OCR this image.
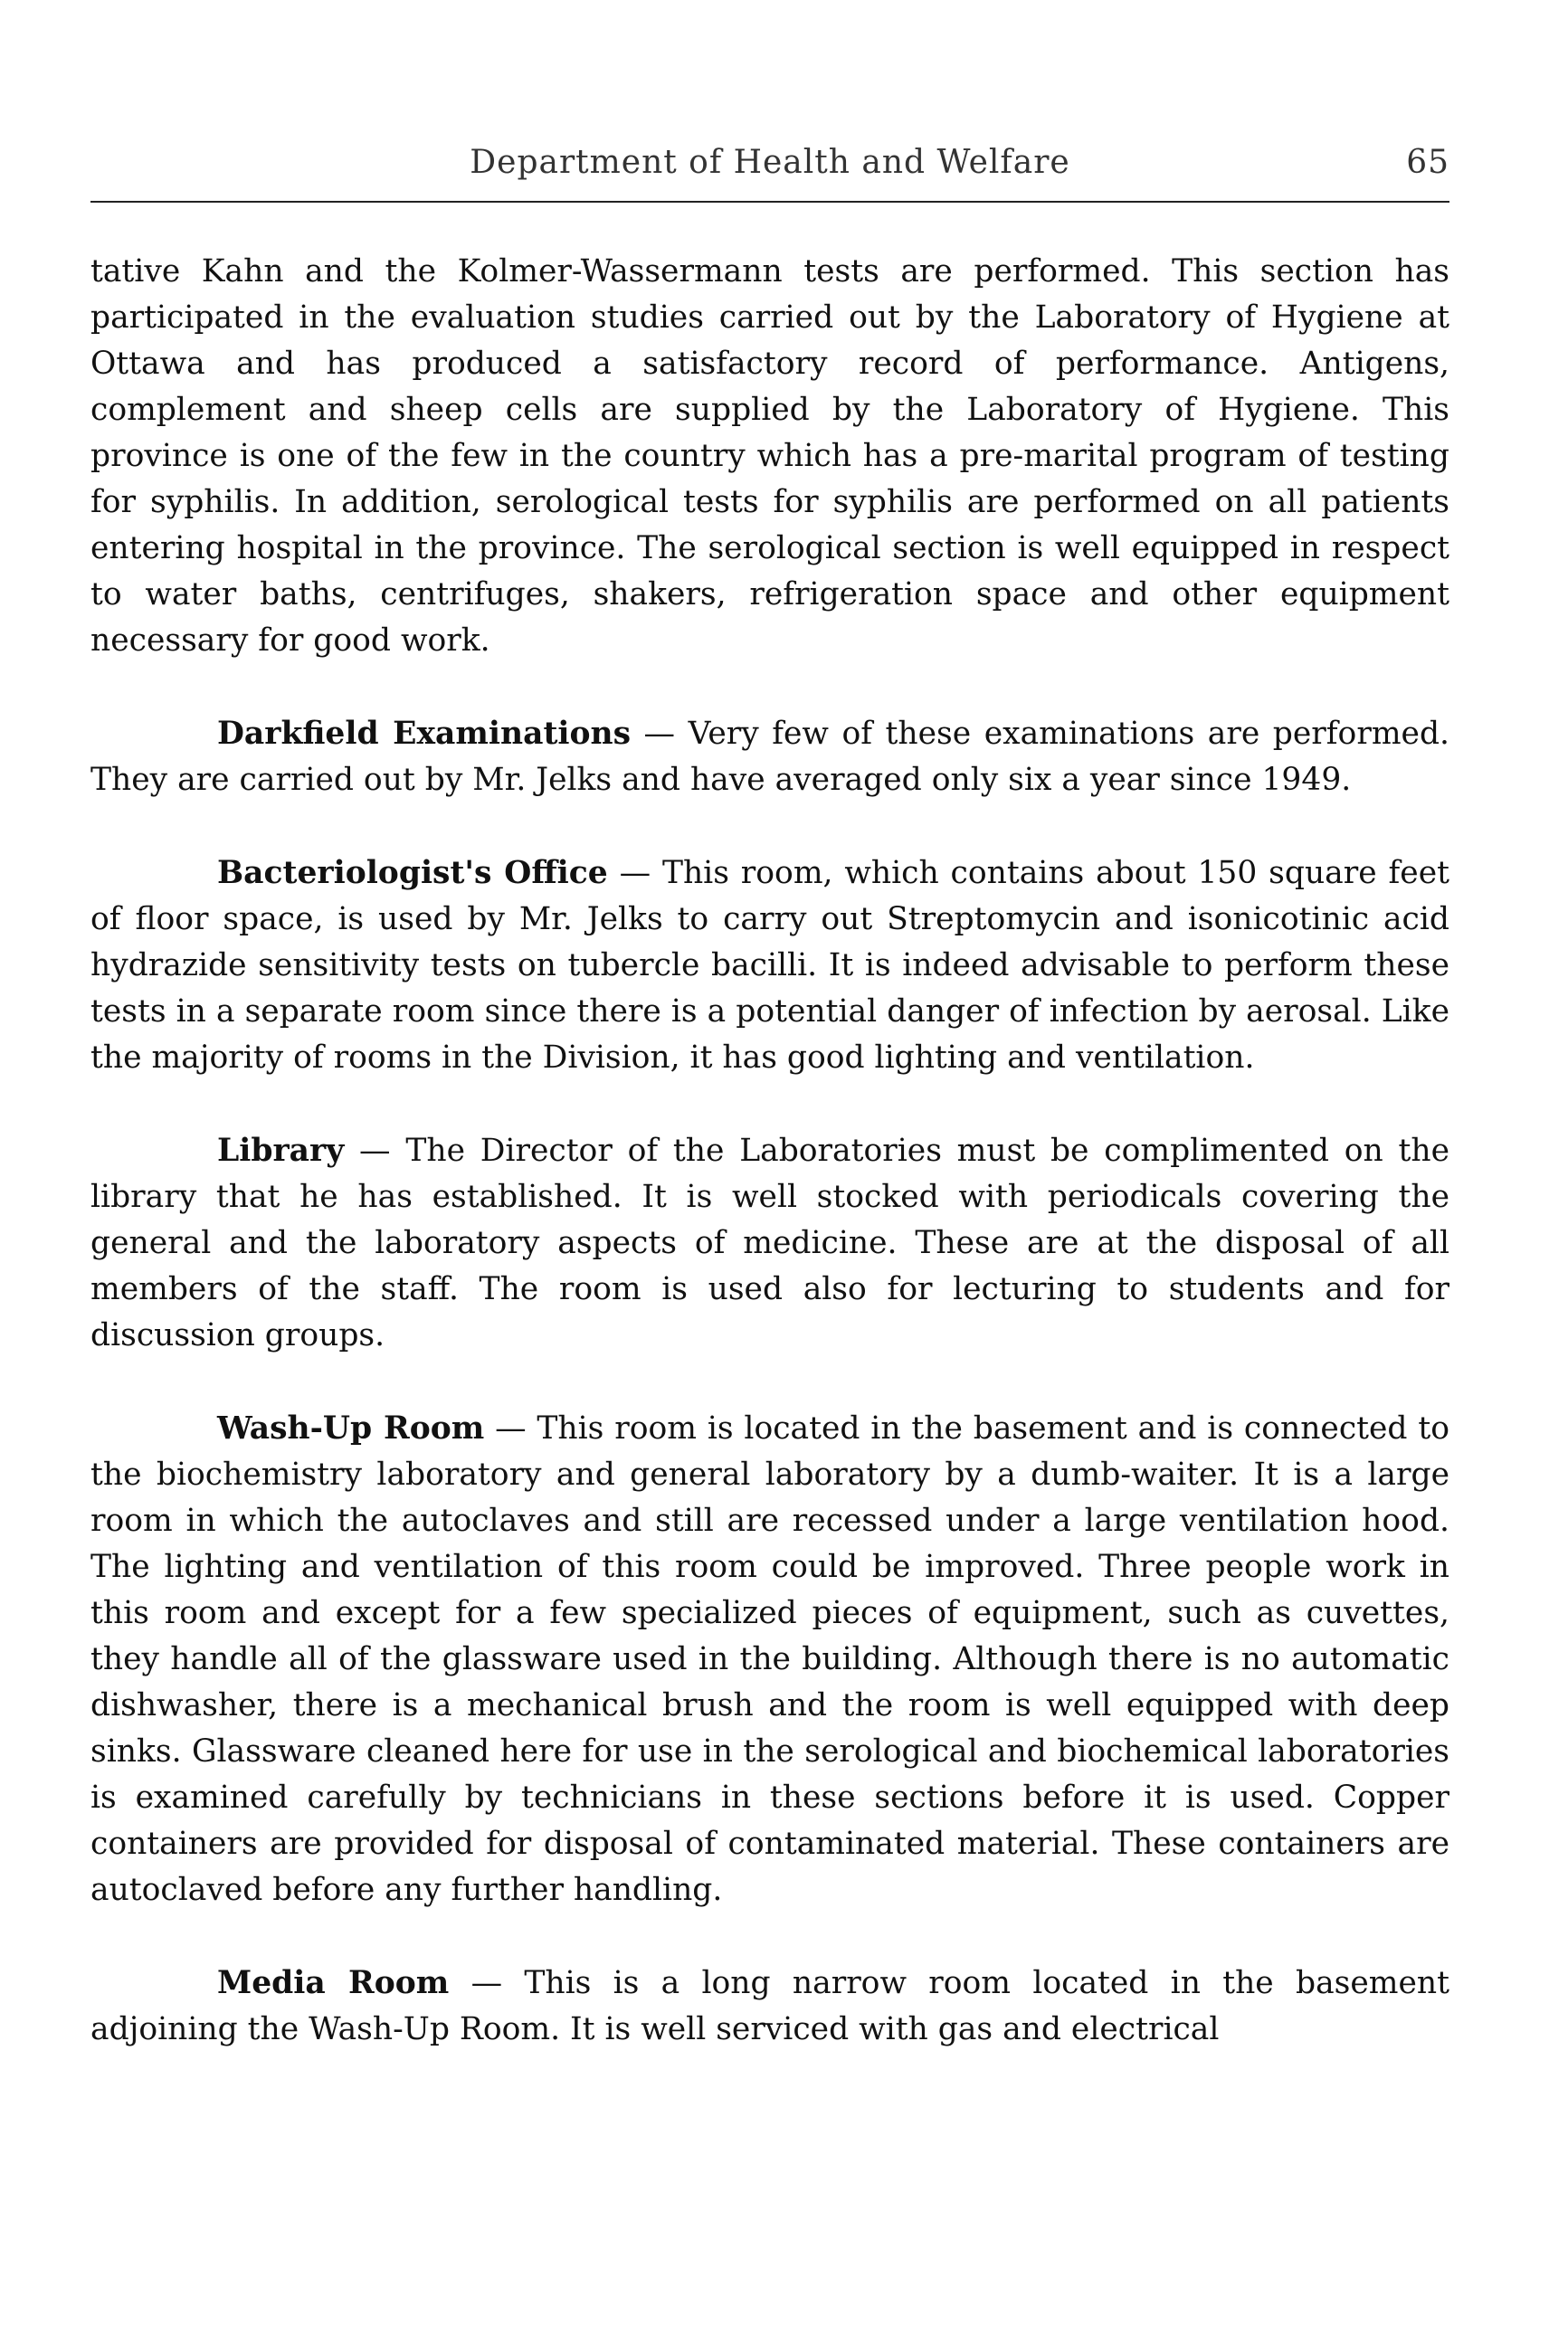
Department of Health and Welfare	65

tative Kahn and the Kolmer-Wassermann tests are performed. This section has participated in the evaluation studies carried out by the Laboratory of Hygiene at Ottawa and has produced a satisfactory record of performance. Antigens, complement and sheep cells are supplied by the Laboratory of Hygiene. This province is one of the few in the country which has a pre-marital program of testing for syphilis. In addition, serological tests for syphilis are performed on all patients entering hospital in the province. The serological section is well equipped in respect to water baths, centrifuges, shakers, refrigeration space and other equipment necessary for good work.

Darkfield Examinations — Very few of these examinations are performed. They are carried out by Mr. Jelks and have averaged only six a year since 1949.

Bacteriologist's Office — This room, which contains about 150 square feet of floor space, is used by Mr. Jelks to carry out Streptomycin and isonicotinic acid hydrazide sensitivity tests on tubercle bacilli. It is indeed advisable to perform these tests in a separate room since there is a potential danger of infection by aerosal. Like the majority of rooms in the Division, it has good lighting and ventilation.

Library — The Director of the Laboratories must be complimented on the library that he has established. It is well stocked with periodicals covering the general and the laboratory aspects of medicine. These are at the disposal of all members of the staff. The room is used also for lecturing to students and for discussion groups.

Wash-Up Room — This room is located in the basement and is connected to the biochemistry laboratory and general laboratory by a dumb-waiter. It is a large room in which the autoclaves and still are recessed under a large ventilation hood. The lighting and ventilation of this room could be improved. Three people work in this room and except for a few specialized pieces of equipment, such as cuvettes, they handle all of the glassware used in the building. Although there is no automatic dishwasher, there is a mechanical brush and the room is well equipped with deep sinks. Glassware cleaned here for use in the serological and biochemical laboratories is examined carefully by technicians in these sections before it is used. Copper containers are provided for disposal of contaminated material. These containers are autoclaved before any further handling.

Media Room — This is a long narrow room located in the basement adjoining the Wash-Up Room. It is well serviced with gas and electrical
